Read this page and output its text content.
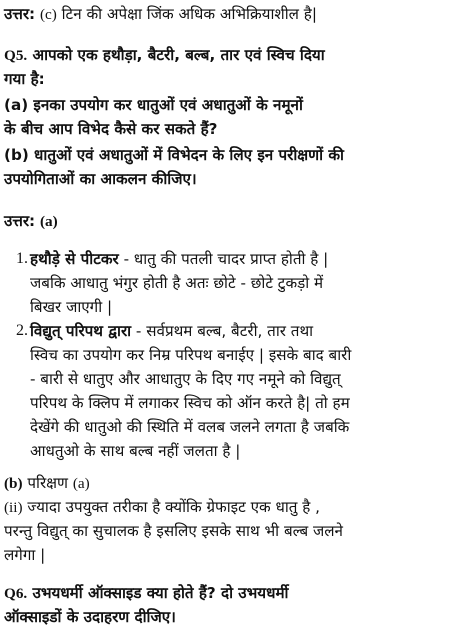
उत्तर: (c) टिन की अपेक्षा जिंक अधिक अभिक्रियाशील है|
Q5. आपको एक हथौड़ा, बैटरी, बल्ब, तार एवं स्विच दिया
गया है:
(a) इनका उपयोग कर धातुओं एवं अधातुओं के नमूनों
के बीच आप विभेद कैसे कर सकते हैं?
(b) धातुओं एवं अधातुओं में विभेदन के लिए इन परीक्षणों की
उपयोगिताओं का आकलन कीजिए।
उत्तर: (a)
1. हथौड़े से पीटकर - धातु की पतली चादर प्राप्त होती है |
जबकि आधातु भंगुर होती है अतः छोटे - छोटे टुकड़ो में
बिखर जाएगी |
2. विद्युत् परिपथ द्वारा - सर्वप्रथम बल्ब, बैटरी, तार तथा
स्विच का उपयोग कर निम्र परिपथ बनाईए | इसके बाद बारी
- बारी से धातुए और आधातुए के दिए गए नमूने को विद्युत्
परिपथ के क्लिप में लगाकर स्विच को ऑन करते है| तो हम
देखेंगे की धातुओ की स्थिति में वलब जलने लगता है जबकि
आधतुओ के साथ बल्ब नहीं जलता है |
(b) परिक्षण (a)
(ii) ज्यादा उपयुक्त तरीका है क्योंकि ग्रेफाइट एक धातु है ,
परन्तु विद्युत् का सुचालक है इसलिए इसके साथ भी बल्ब जलने
लगेगा |
Q6. उभयधर्मी ऑक्साइड क्या होते हैं? दो उभयधर्मी
ऑक्साइडों के उदाहरण दीजिए।
